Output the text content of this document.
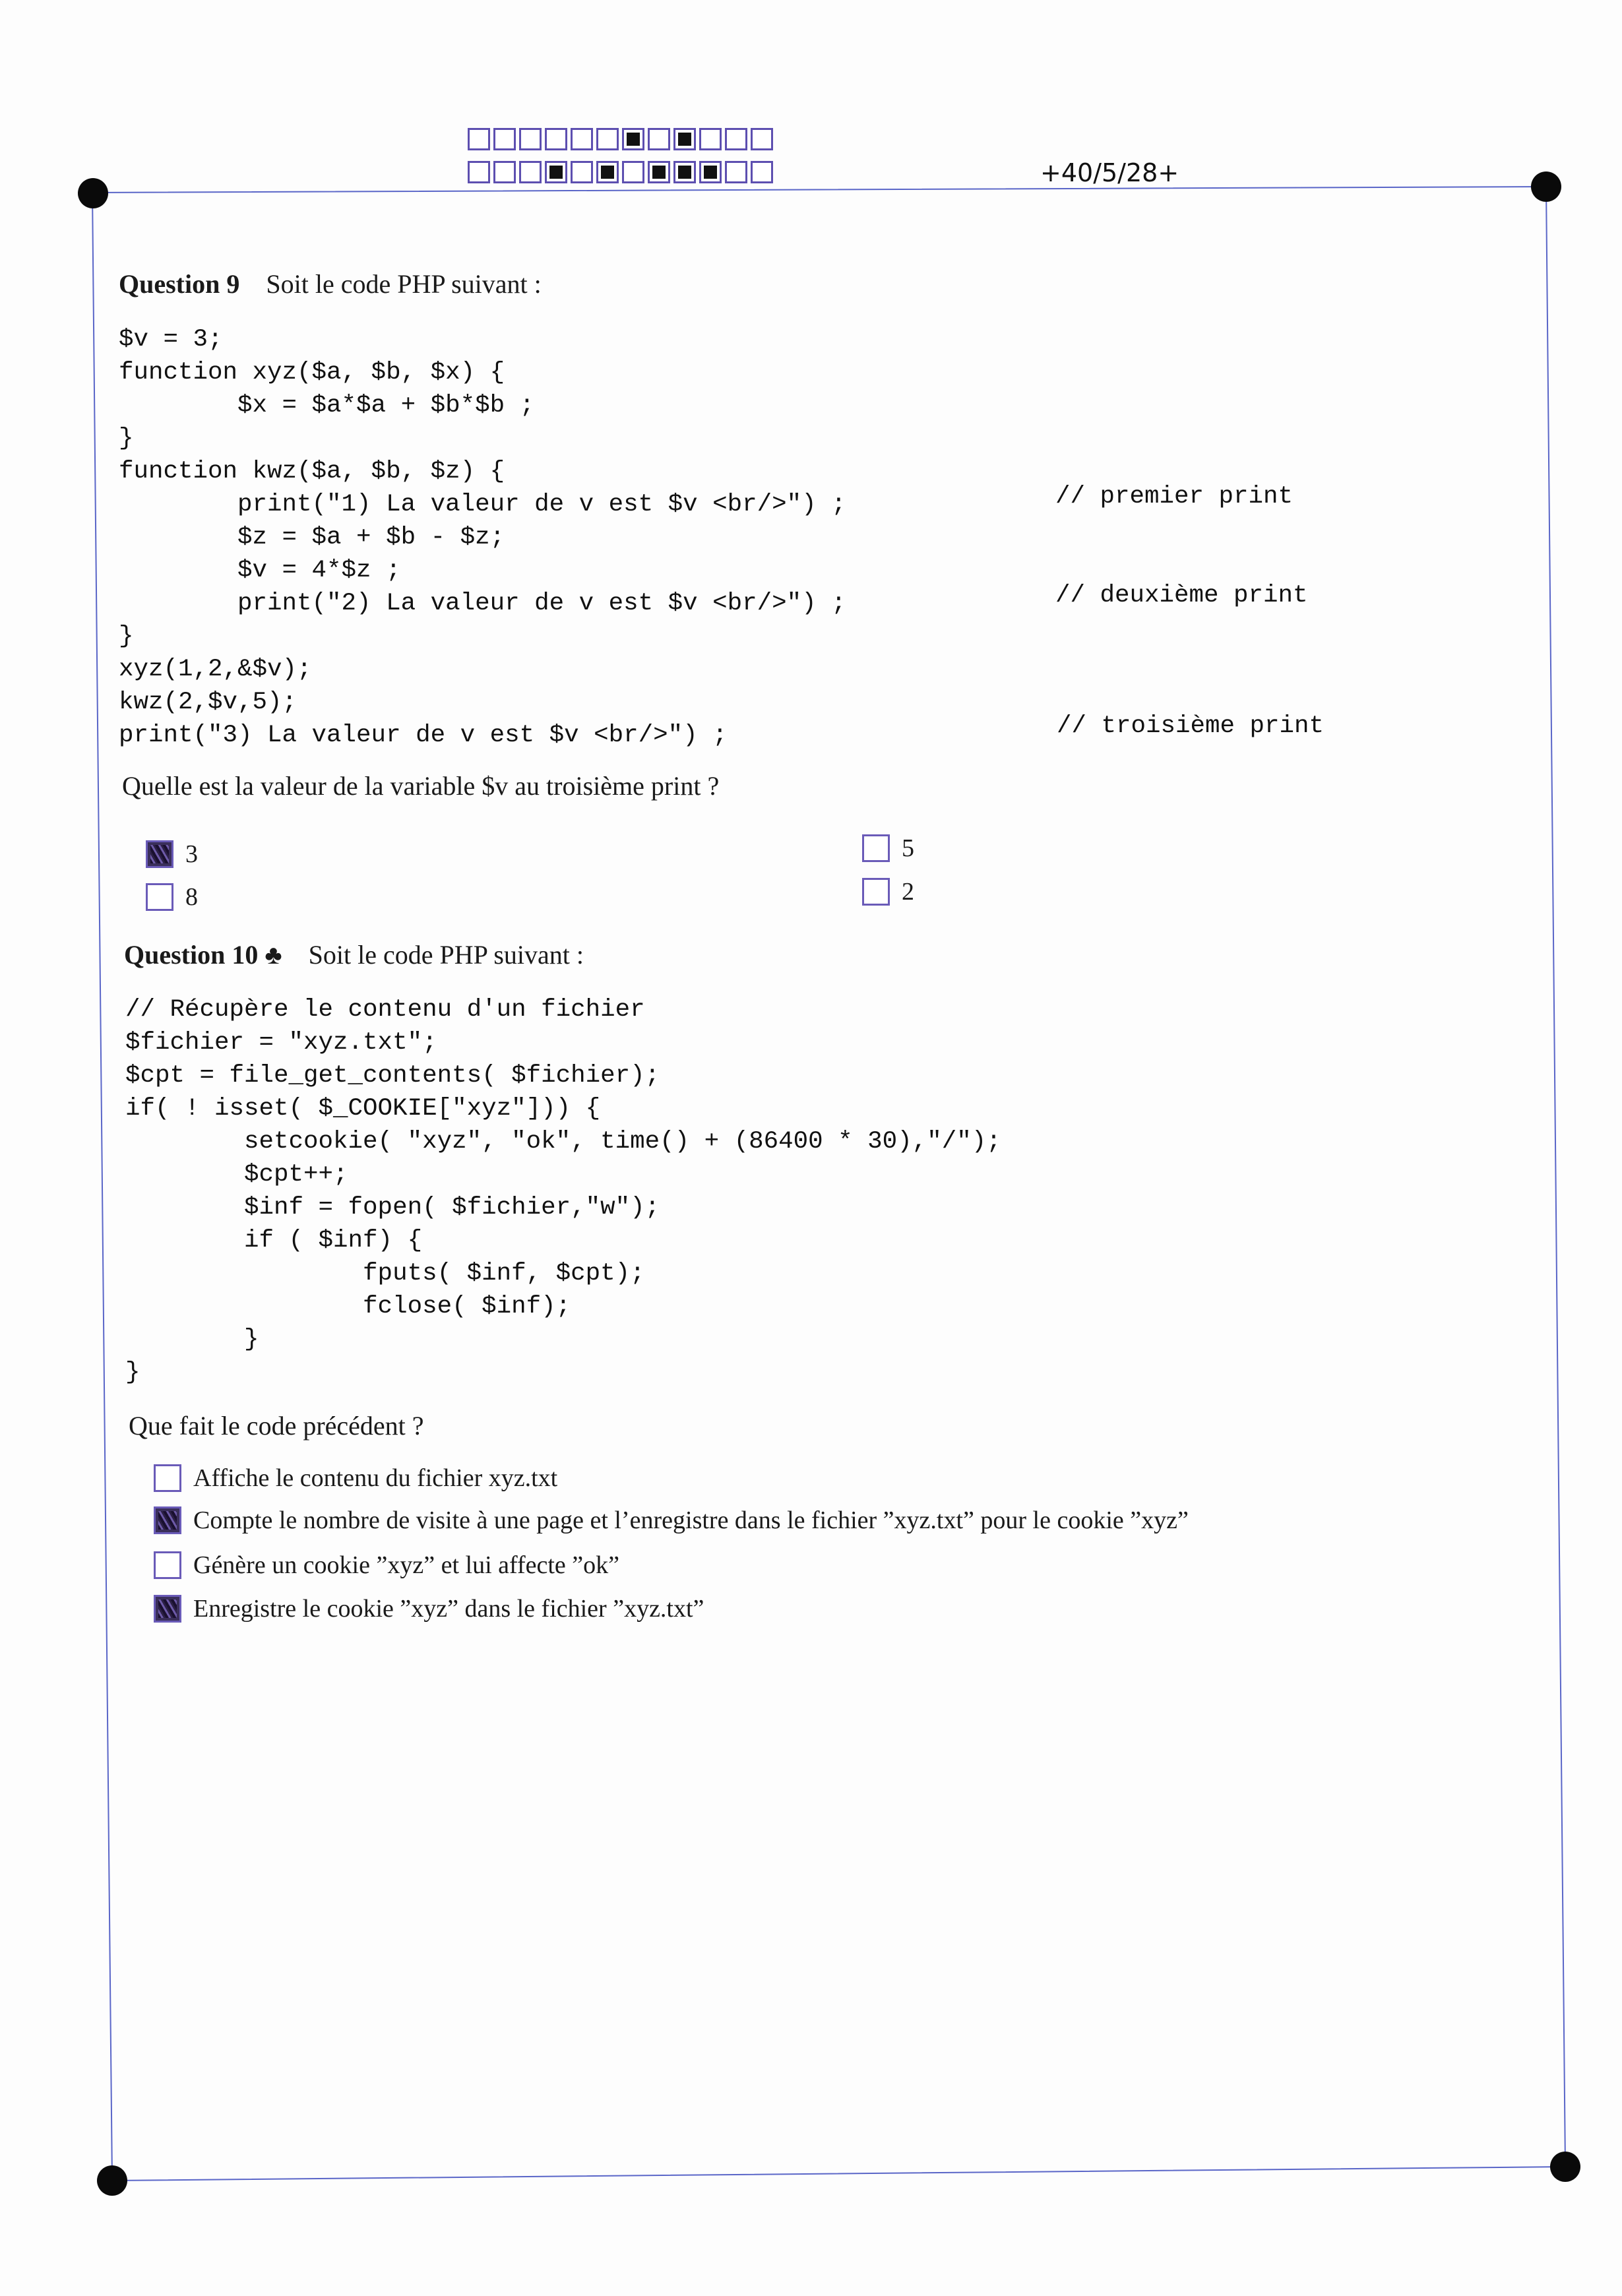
+40/5/28+
Question 9 Soit le code PHP suivant :
$v = 3;
function xyz($a, $b, $x) {
$x = $a*$a + $b*$b ;
}
function kwz($a, $b, $z) {
print("1) La valeur de v est $v <br/>") ;
$z = $a + $b - $z;
$v = 4*$z ;
print("2) La valeur de v est $v <br/>") ;
}
xyz(1,2,&$v);
kwz(2,$v,5);
print("3) La valeur de v est $v <br/>") ;
// premier print
// deuxième print
// troisième print
Quelle est la valeur de la variable $v au troisième print ?
3
8
5
2
Question 10 ♣ Soit le code PHP suivant :
// Récupère le contenu d'un fichier
$fichier = "xyz.txt";
$cpt = file_get_contents( $fichier);
if( ! isset( $_COOKIE["xyz"])) {
setcookie( "xyz", "ok", time() + (86400 * 30),"/");
$cpt++;
$inf = fopen( $fichier,"w");
if ( $inf) {
fputs( $inf, $cpt);
fclose( $inf);
}
}
Que fait le code précédent ?
Affiche le contenu du fichier xyz.txt
Compte le nombre de visite à une page et l’enregistre dans le fichier ”xyz.txt” pour le cookie ”xyz”
Génère un cookie ”xyz” et lui affecte ”ok”
Enregistre le cookie ”xyz” dans le fichier ”xyz.txt”
